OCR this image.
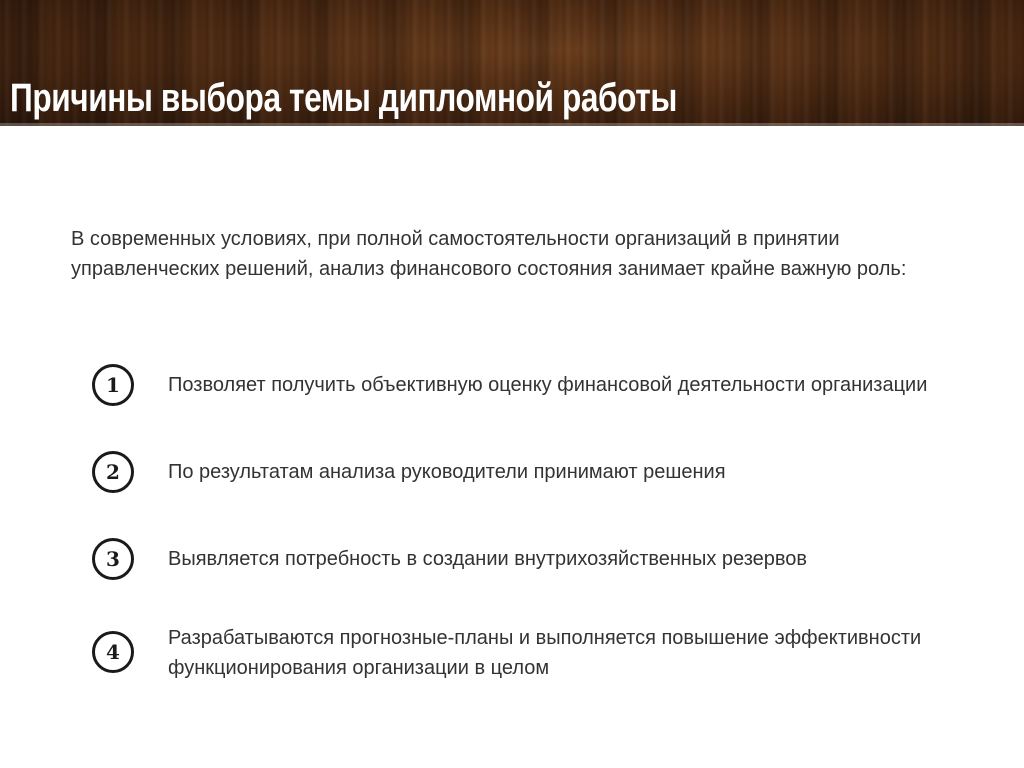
Причины выбора темы дипломной работы

В современных условиях, при полной самостоятельности организаций в принятии управленческих решений, анализ финансового состояния занимает крайне важную роль:

1	Позволяет получить объективную оценку финансовой деятельности организации

2	По результатам анализа руководители принимают решения

3	Выявляется потребность в создании внутрихозяйственных резервов

4

Разрабатываются прогнозные-планы и выполняется повышение эффективности функционирования организации в целом
